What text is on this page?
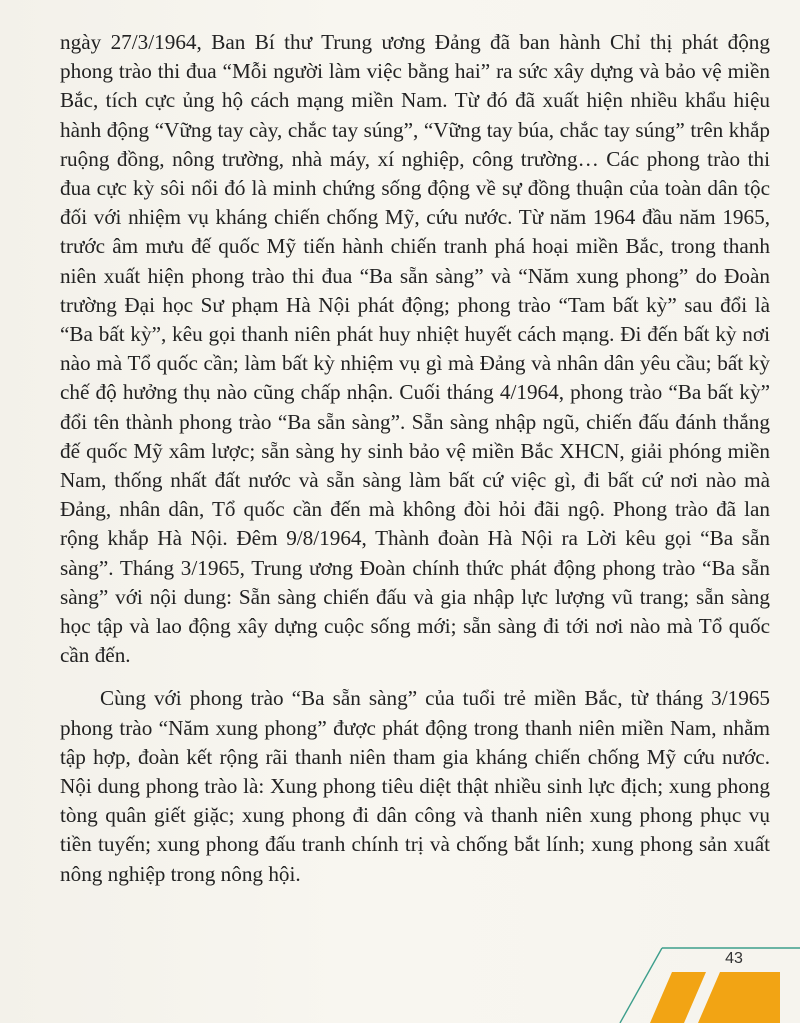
ngày 27/3/1964, Ban Bí thư Trung ương Đảng đã ban hành Chỉ thị phát động phong trào thi đua “Mỗi người làm việc bằng hai” ra sức xây dựng và bảo vệ miền Bắc, tích cực ủng hộ cách mạng miền Nam. Từ đó đã xuất hiện nhiều khẩu hiệu hành động “Vững tay cày, chắc tay súng”, “Vững tay búa, chắc tay súng” trên khắp ruộng đồng, nông trường, nhà máy, xí nghiệp, công trường… Các phong trào thi đua cực kỳ sôi nổi đó là minh chứng sống động về sự đồng thuận của toàn dân tộc đối với nhiệm vụ kháng chiến chống Mỹ, cứu nước. Từ năm 1964 đầu năm 1965, trước âm mưu đế quốc Mỹ tiến hành chiến tranh phá hoại miền Bắc, trong thanh niên xuất hiện phong trào thi đua “Ba sẵn sàng” và “Năm xung phong” do Đoàn trường Đại học Sư phạm Hà Nội phát động; phong trào “Tam bất kỳ” sau đổi là “Ba bất kỳ”, kêu gọi thanh niên phát huy nhiệt huyết cách mạng. Đi đến bất kỳ nơi nào mà Tổ quốc cần; làm bất kỳ nhiệm vụ gì mà Đảng và nhân dân yêu cầu; bất kỳ chế độ hưởng thụ nào cũng chấp nhận. Cuối tháng 4/1964, phong trào “Ba bất kỳ” đổi tên thành phong trào “Ba sẵn sàng”. Sẵn sàng nhập ngũ, chiến đấu đánh thắng đế quốc Mỹ xâm lược; sẵn sàng hy sinh bảo vệ miền Bắc XHCN, giải phóng miền Nam, thống nhất đất nước và sẵn sàng làm bất cứ việc gì, đi bất cứ nơi nào mà Đảng, nhân dân, Tổ quốc cần đến mà không đòi hỏi đãi ngộ. Phong trào đã lan rộng khắp Hà Nội. Đêm 9/8/1964, Thành đoàn Hà Nội ra Lời kêu gọi “Ba sẵn sàng”. Tháng 3/1965, Trung ương Đoàn chính thức phát động phong trào “Ba sẵn sàng” với nội dung: Sẵn sàng chiến đấu và gia nhập lực lượng vũ trang; sẵn sàng học tập và lao động xây dựng cuộc sống mới; sẵn sàng đi tới nơi nào mà Tổ quốc cần đến.

Cùng với phong trào “Ba sẵn sàng” của tuổi trẻ miền Bắc, từ tháng 3/1965 phong trào “Năm xung phong” được phát động trong thanh niên miền Nam, nhằm tập hợp, đoàn kết rộng rãi thanh niên tham gia kháng chiến chống Mỹ cứu nước. Nội dung phong trào là: Xung phong tiêu diệt thật nhiều sinh lực địch; xung phong tòng quân giết giặc; xung phong đi dân công và thanh niên xung phong phục vụ tiền tuyến; xung phong đấu tranh chính trị và chống bắt lính; xung phong sản xuất nông nghiệp trong nông hội.

43
